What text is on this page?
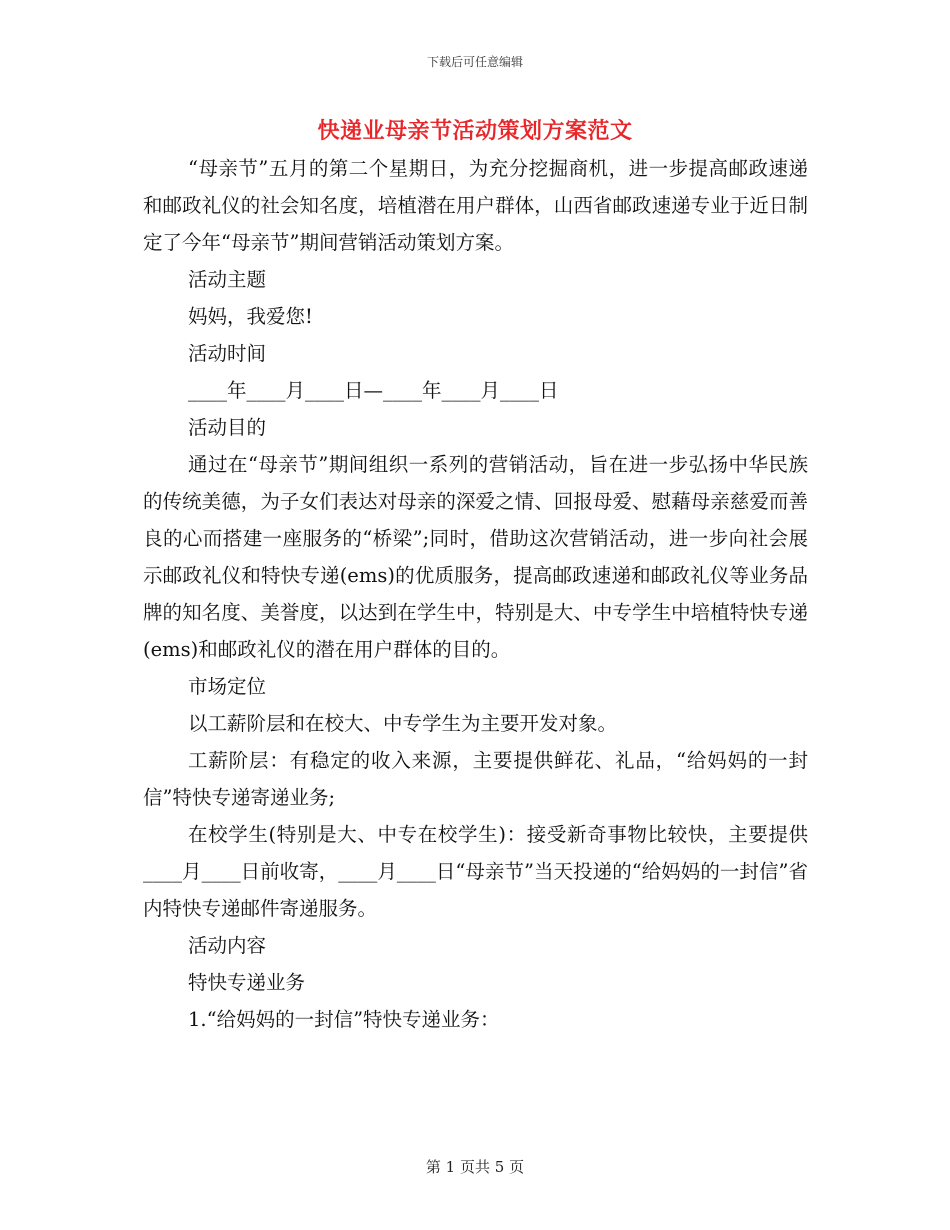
下载后可任意编辑
快递业母亲节活动策划方案范文

“母亲节”五月的第二个星期日，为充分挖掘商机，进一步提高邮政速递和邮政礼仪的社会知名度，培植潜在用户群体，山西省邮政速递专业于近日制定了今年“母亲节”期间营销活动策划方案。

活动主题

妈妈，我爱您!

活动时间

____年____月____日—____年____月____日

活动目的

通过在“母亲节”期间组织一系列的营销活动，旨在进一步弘扬中华民族的传统美德，为子女们表达对母亲的深爱之情、回报母爱、慰藉母亲慈爱而善良的心而搭建一座服务的“桥梁”;同时，借助这次营销活动，进一步向社会展示邮政礼仪和特快专递(ems)的优质服务，提高邮政速递和邮政礼仪等业务品牌的知名度、美誉度，以达到在学生中，特别是大、中专学生中培植特快专递(ems)和邮政礼仪的潜在用户群体的目的。

市场定位

以工薪阶层和在校大、中专学生为主要开发对象。

工薪阶层：有稳定的收入来源，主要提供鲜花、礼品，“给妈妈的一封信”特快专递寄递业务;

在校学生(特别是大、中专在校学生)：接受新奇事物比较快，主要提供____月____日前收寄，____月____日“母亲节”当天投递的“给妈妈的一封信”省内特快专递邮件寄递服务。

活动内容

特快专递业务

1.“给妈妈的一封信”特快专递业务：

第 1 页共 5 页
